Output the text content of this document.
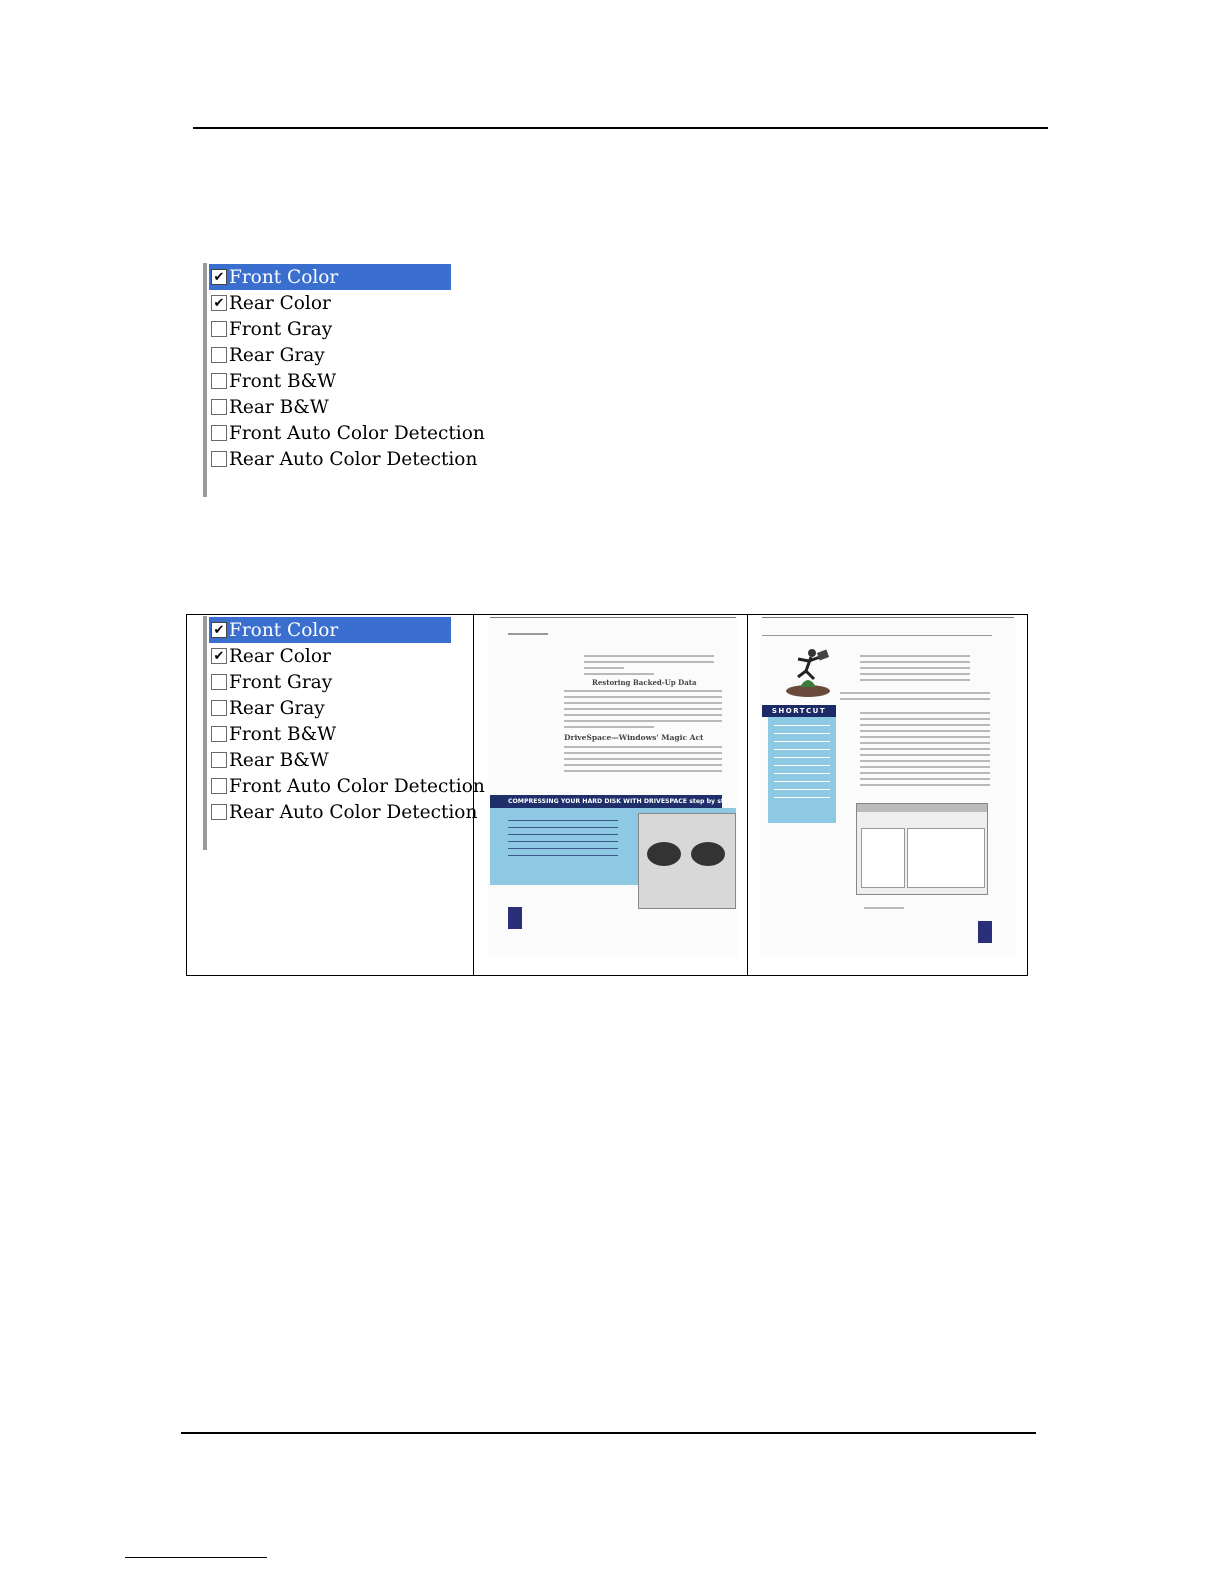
✔ Front Color
✔ Rear Color
Front Gray
Rear Gray
Front B&W
Rear B&W
Front Auto Color Detection
Rear Auto Color Detection
✔ Front Color
✔ Rear Color
Front Gray
Rear Gray
Front B&W
Rear B&W
Front Auto Color Detection
Rear Auto Color Detection
Restoring Backed-Up Data
DriveSpace—Windows' Magic Act
COMPRESSING YOUR HARD DISK WITH DRIVESPACE step by step
SHORTCUT
